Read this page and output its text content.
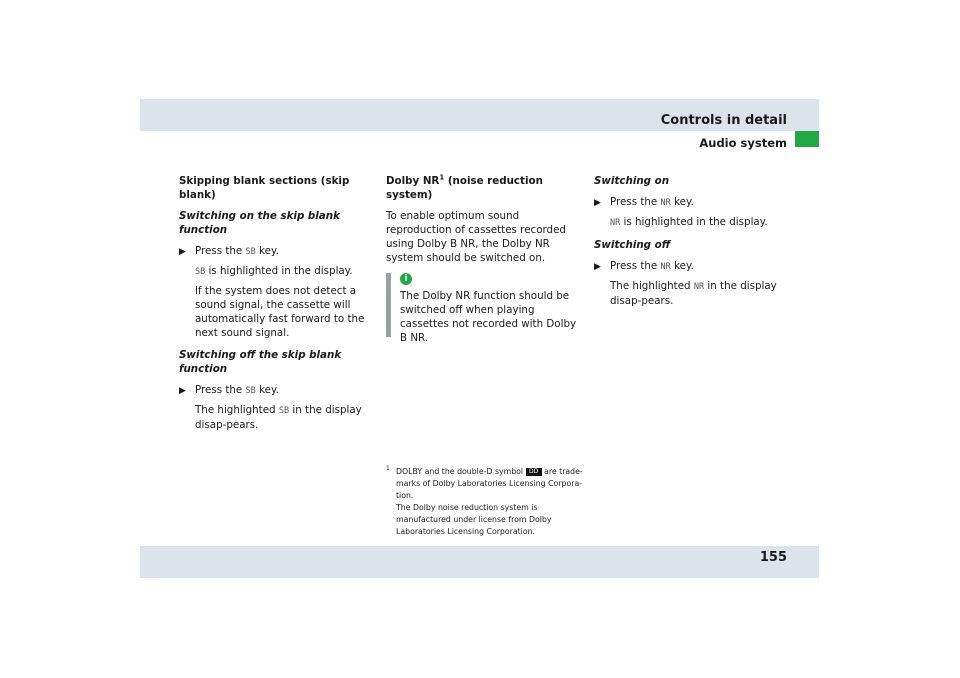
Controls in detail
Audio system
Skipping blank sections (skip blank)
Switching on the skip blank function
▶ Press the SB key.
SB is highlighted in the display.
If the system does not detect a sound signal, the cassette will automatically fast forward to the next sound signal.
Switching off the skip blank function
▶ Press the SB key.
The highlighted SB in the display disap-pears.
Dolby $NR^1$ (noise reduction system)
To enable optimum sound reproduction of cassettes recorded using Dolby B NR, the Dolby NR system should be switched on.
i
The Dolby NR function should be switched off when playing cassettes not recorded with Dolby B NR.
Switching on
▶ Press the NR key.
NR is highlighted in the display.
Switching off
▶ Press the NR key.
The highlighted NR in the display disap-pears.
1 DOLBY and the double-D symbol DD are trade-marks of Dolby Laboratories Licensing Corpora-tion.
The Dolby noise reduction system is manufactured under license from Dolby Laboratories Licensing Corporation.
155
